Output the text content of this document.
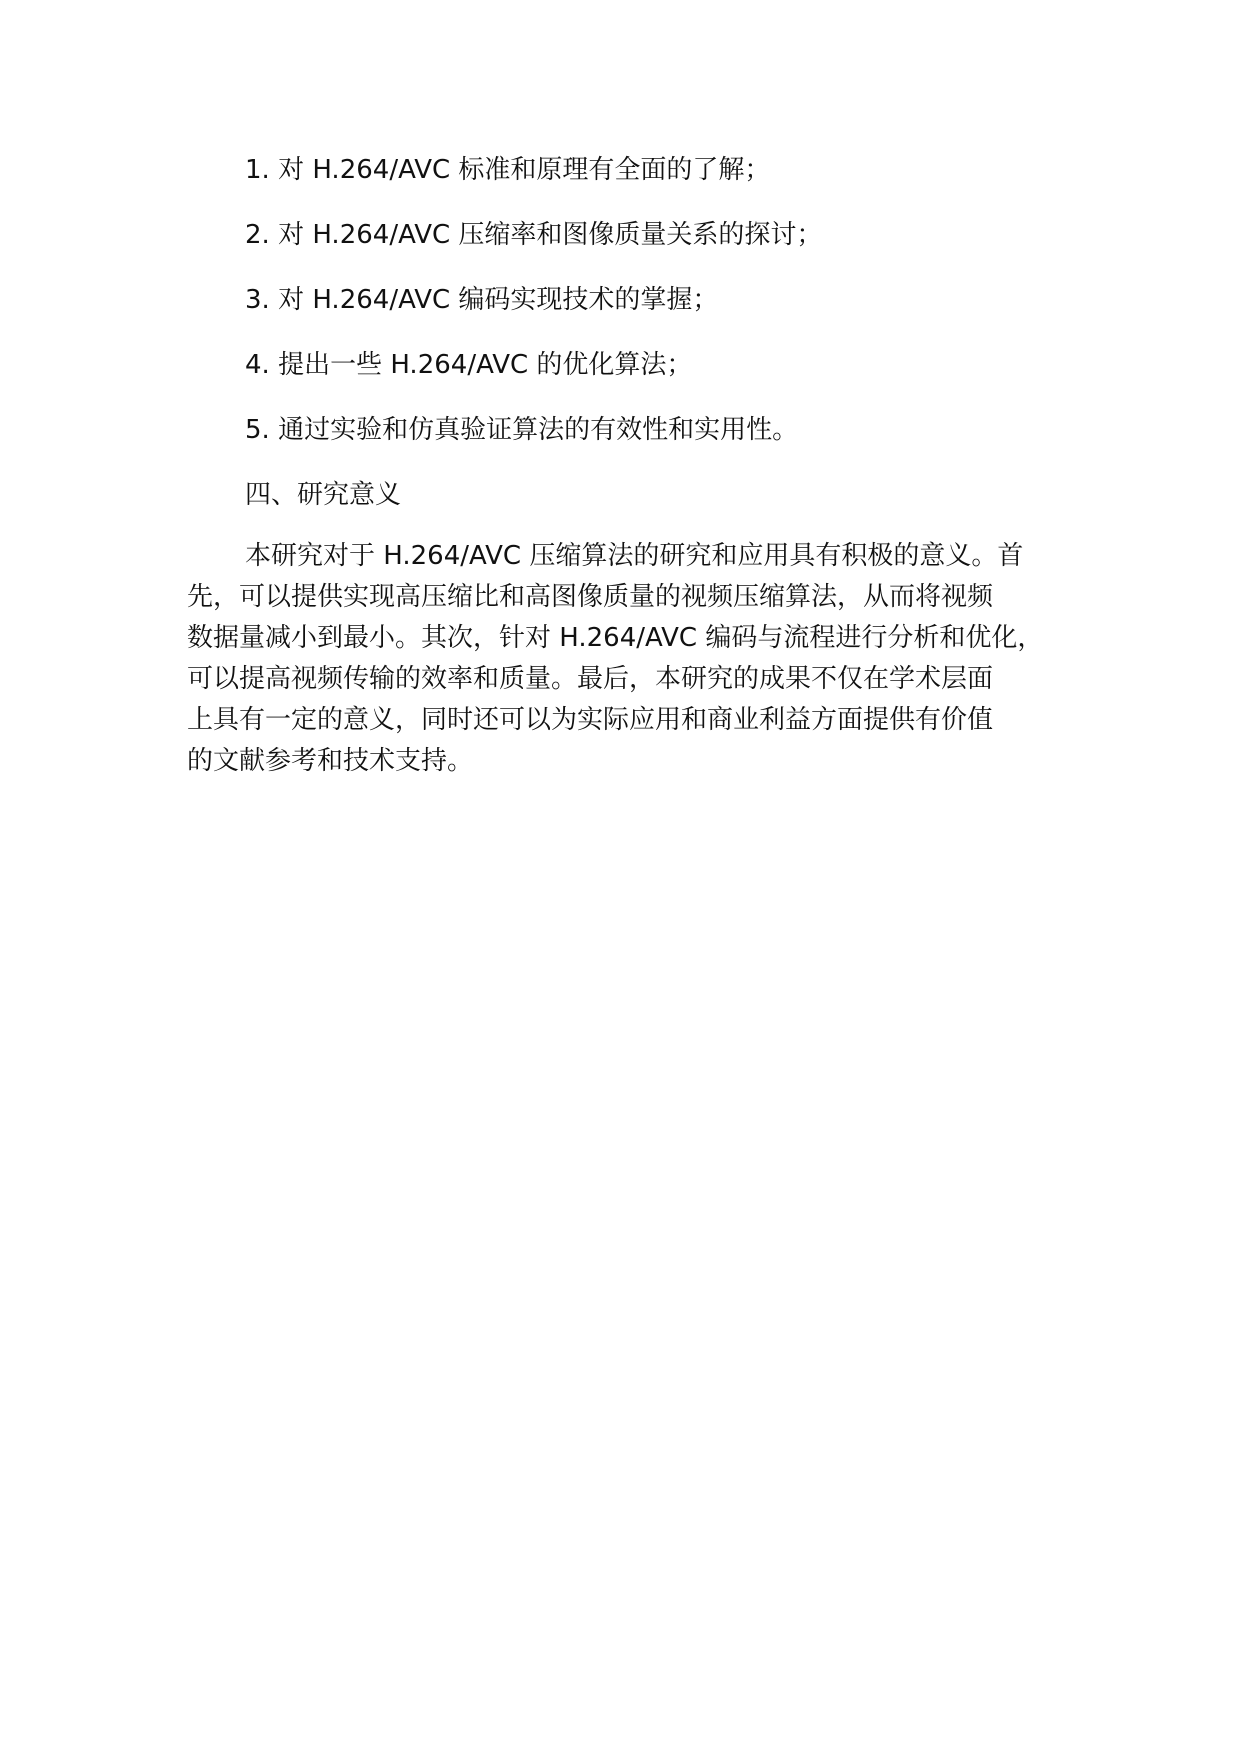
1. 对 H.264/AVC 标准和原理有全面的了解；
2. 对 H.264/AVC 压缩率和图像质量关系的探讨；
3. 对 H.264/AVC 编码实现技术的掌握；
4. 提出一些 H.264/AVC 的优化算法；
5. 通过实验和仿真验证算法的有效性和实用性。
四、研究意义
本研究对于 H.264/AVC 压缩算法的研究和应用具有积极的意义。首
先，可以提供实现高压缩比和高图像质量的视频压缩算法，从而将视频
数据量减小到最小。其次，针对 H.264/AVC 编码与流程进行分析和优化，
可以提高视频传输的效率和质量。最后，本研究的成果不仅在学术层面
上具有一定的意义，同时还可以为实际应用和商业利益方面提供有价值
的文献参考和技术支持。
